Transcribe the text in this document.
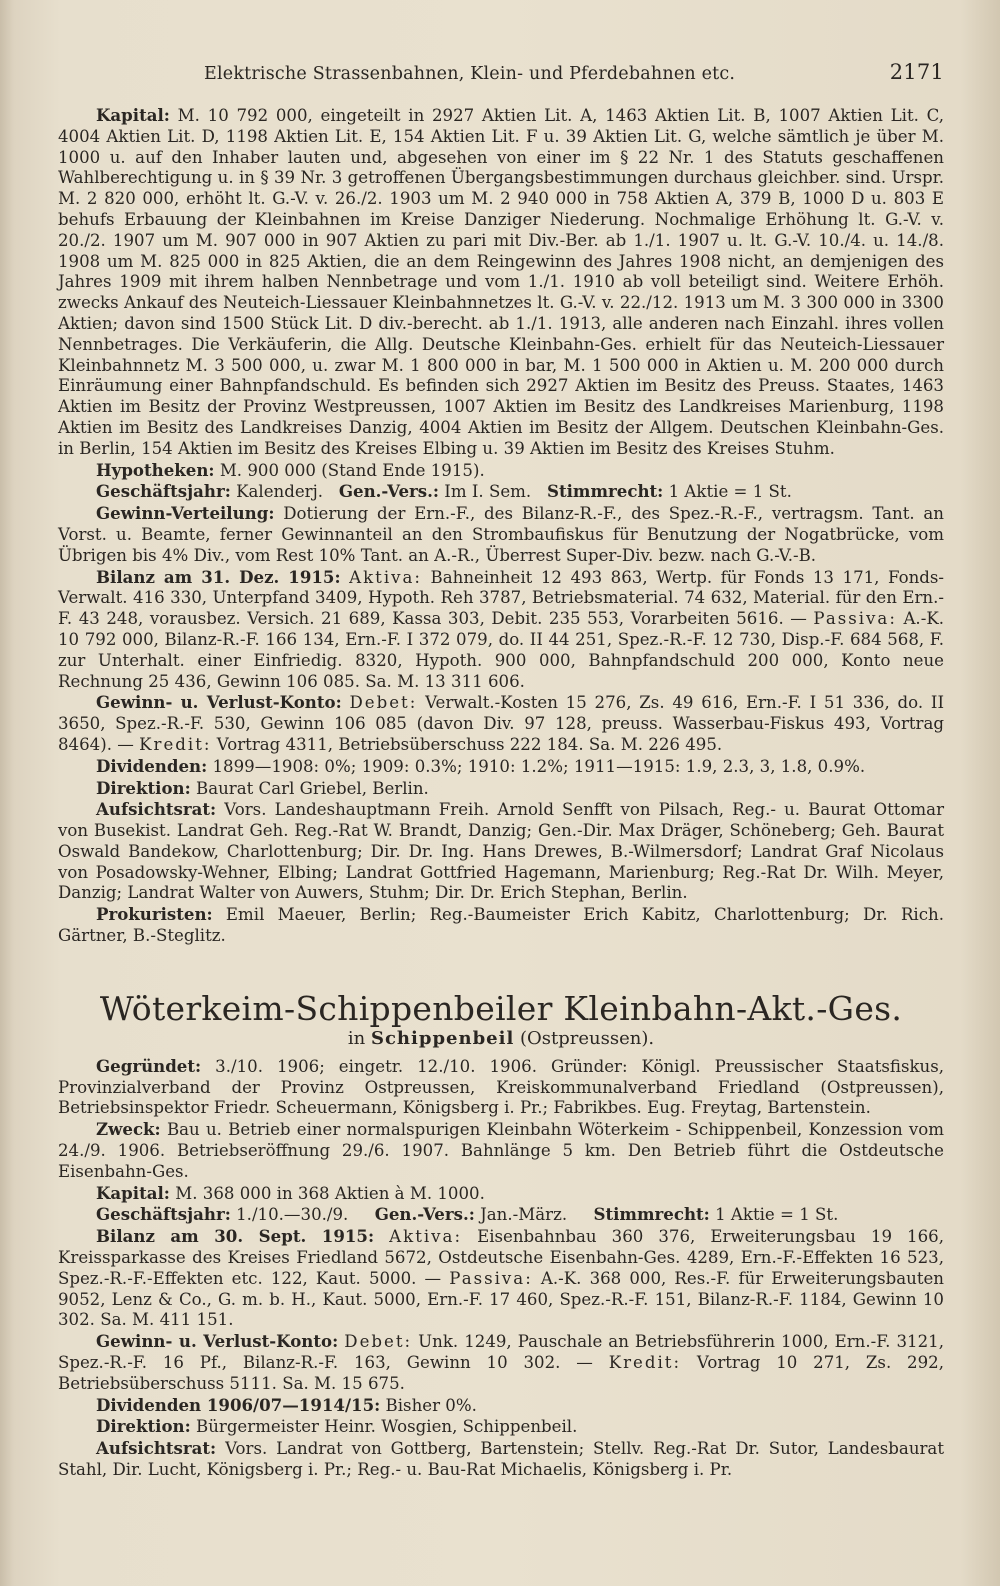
Elektrische Strassenbahnen, Klein- und Pferdebahnen etc.	2171

Kapital: M. 10 792 000, eingeteilt in 2927 Aktien Lit. A, 1463 Aktien Lit. B, 1007 Aktien Lit. C, 4004 Aktien Lit. D, 1198 Aktien Lit. E, 154 Aktien Lit. F u. 39 Aktien Lit. G, welche sämtlich je über M. 1000 u. auf den Inhaber lauten und, abgesehen von einer im § 22 Nr. 1 des Statuts geschaffenen Wahlberechtigung u. in § 39 Nr. 3 getroffenen Übergangsbestimmungen durchaus gleichber. sind. Urspr. M. 2 820 000, erhöht lt. G.-V. v. 26./2. 1903 um M. 2 940 000 in 758 Aktien A, 379 B, 1000 D u. 803 E behufs Erbauung der Kleinbahnen im Kreise Danziger Niederung. Nochmalige Erhöhung lt. G.-V. v. 20./2. 1907 um M. 907 000 in 907 Aktien zu pari mit Div.-Ber. ab 1./1. 1907 u. lt. G.-V. 10./4. u. 14./8. 1908 um M. 825 000 in 825 Aktien, die an dem Reingewinn des Jahres 1908 nicht, an demjenigen des Jahres 1909 mit ihrem halben Nennbetrage und vom 1./1. 1910 ab voll beteiligt sind. Weitere Erhöh. zwecks Ankauf des Neuteich-Liessauer Kleinbahnnetzes lt. G.-V. v. 22./12. 1913 um M. 3 300 000 in 3300 Aktien; davon sind 1500 Stück Lit. D div.-berecht. ab 1./1. 1913, alle anderen nach Einzahl. ihres vollen Nennbetrages. Die Verkäuferin, die Allg. Deutsche Kleinbahn-Ges. erhielt für das Neuteich-Liessauer Kleinbahnnetz M. 3 500 000, u. zwar M. 1 800 000 in bar, M. 1 500 000 in Aktien u. M. 200 000 durch Einräumung einer Bahnpfandschuld. Es befinden sich 2927 Aktien im Besitz des Preuss. Staates, 1463 Aktien im Besitz der Provinz Westpreussen, 1007 Aktien im Besitz des Landkreises Marienburg, 1198 Aktien im Besitz des Landkreises Danzig, 4004 Aktien im Besitz der Allgem. Deutschen Kleinbahn-Ges. in Berlin, 154 Aktien im Besitz des Kreises Elbing u. 39 Aktien im Besitz des Kreises Stuhm.

Hypotheken: M. 900 000 (Stand Ende 1915).

Geschäftsjahr: Kalenderj. Gen.-Vers.: Im I. Sem. Stimmrecht: 1 Aktie = 1 St.

Gewinn-Verteilung: Dotierung der Ern.-F., des Bilanz-R.-F., des Spez.-R.-F., vertragsm. Tant. an Vorst. u. Beamte, ferner Gewinnanteil an den Strombaufiskus für Benutzung der Nogatbrücke, vom Übrigen bis 4% Div., vom Rest 10% Tant. an A.-R., Überrest Super-Div. bezw. nach G.-V.-B.

Bilanz am 31. Dez. 1915: Aktiva: Bahneinheit 12 493 863, Wertp. für Fonds 13 171, Fonds-Verwalt. 416 330, Unterpfand 3409, Hypoth. Reh 3787, Betriebsmaterial. 74 632, Material. für den Ern.-F. 43 248, vorausbez. Versich. 21 689, Kassa 303, Debit. 235 553, Vorarbeiten 5616. — Passiva: A.-K. 10 792 000, Bilanz-R.-F. 166 134, Ern.-F. I 372 079, do. II 44 251, Spez.-R.-F. 12 730, Disp.-F. 684 568, F. zur Unterhalt. einer Einfriedig. 8320, Hypoth. 900 000, Bahnpfandschuld 200 000, Konto neue Rechnung 25 436, Gewinn 106 085. Sa. M. 13 311 606.

Gewinn- u. Verlust-Konto: Debet: Verwalt.-Kosten 15 276, Zs. 49 616, Ern.-F. I 51 336, do. II 3650, Spez.-R.-F. 530, Gewinn 106 085 (davon Div. 97 128, preuss. Wasserbau-Fiskus 493, Vortrag 8464). — Kredit: Vortrag 4311, Betriebsüberschuss 222 184. Sa. M. 226 495.

Dividenden: 1899—1908: 0%; 1909: 0.3%; 1910: 1.2%; 1911—1915: 1.9, 2.3, 3, 1.8, 0.9%.

Direktion: Baurat Carl Griebel, Berlin.

Aufsichtsrat: Vors. Landeshauptmann Freih. Arnold Senfft von Pilsach, Reg.- u. Baurat Ottomar von Busekist. Landrat Geh. Reg.-Rat W. Brandt, Danzig; Gen.-Dir. Max Dräger, Schöneberg; Geh. Baurat Oswald Bandekow, Charlottenburg; Dir. Dr. Ing. Hans Drewes, B.-Wilmersdorf; Landrat Graf Nicolaus von Posadowsky-Wehner, Elbing; Landrat Gottfried Hagemann, Marienburg; Reg.-Rat Dr. Wilh. Meyer, Danzig; Landrat Walter von Auwers, Stuhm; Dir. Dr. Erich Stephan, Berlin.

Prokuristen: Emil Maeuer, Berlin; Reg.-Baumeister Erich Kabitz, Charlottenburg; Dr. Rich. Gärtner, B.-Steglitz.

Wöterkeim-Schippenbeiler Kleinbahn-Akt.-Ges.
in Schippenbeil (Ostpreussen).

Gegründet: 3./10. 1906; eingetr. 12./10. 1906. Gründer: Königl. Preussischer Staatsfiskus, Provinzialverband der Provinz Ostpreussen, Kreiskommunalverband Friedland (Ostpreussen), Betriebsinspektor Friedr. Scheuermann, Königsberg i. Pr.; Fabrikbes. Eug. Freytag, Bartenstein.

Zweck: Bau u. Betrieb einer normalspurigen Kleinbahn Wöterkeim - Schippenbeil, Konzession vom 24./9. 1906. Betriebseröffnung 29./6. 1907. Bahnlänge 5 km. Den Betrieb führt die Ostdeutsche Eisenbahn-Ges.

Kapital: M. 368 000 in 368 Aktien à M. 1000.

Geschäftsjahr: 1./10.—30./9. Gen.-Vers.: Jan.-März. Stimmrecht: 1 Aktie = 1 St.

Bilanz am 30. Sept. 1915: Aktiva: Eisenbahnbau 360 376, Erweiterungsbau 19 166, Kreissparkasse des Kreises Friedland 5672, Ostdeutsche Eisenbahn-Ges. 4289, Ern.-F.-Effekten 16 523, Spez.-R.-F.-Effekten etc. 122, Kaut. 5000. — Passiva: A.-K. 368 000, Res.-F. für Erweiterungsbauten 9052, Lenz & Co., G. m. b. H., Kaut. 5000, Ern.-F. 17 460, Spez.-R.-F. 151, Bilanz-R.-F. 1184, Gewinn 10 302. Sa. M. 411 151.

Gewinn- u. Verlust-Konto: Debet: Unk. 1249, Pauschale an Betriebsführerin 1000, Ern.-F. 3121, Spez.-R.-F. 16 Pf., Bilanz-R.-F. 163, Gewinn 10 302. — Kredit: Vortrag 10 271, Zs. 292, Betriebsüberschuss 5111. Sa. M. 15 675.

Dividenden 1906/07—1914/15: Bisher 0%.

Direktion: Bürgermeister Heinr. Wosgien, Schippenbeil.

Aufsichtsrat: Vors. Landrat von Gottberg, Bartenstein; Stellv. Reg.-Rat Dr. Sutor, Landesbaurat Stahl, Dir. Lucht, Königsberg i. Pr.; Reg.- u. Bau-Rat Michaelis, Königsberg i. Pr.
